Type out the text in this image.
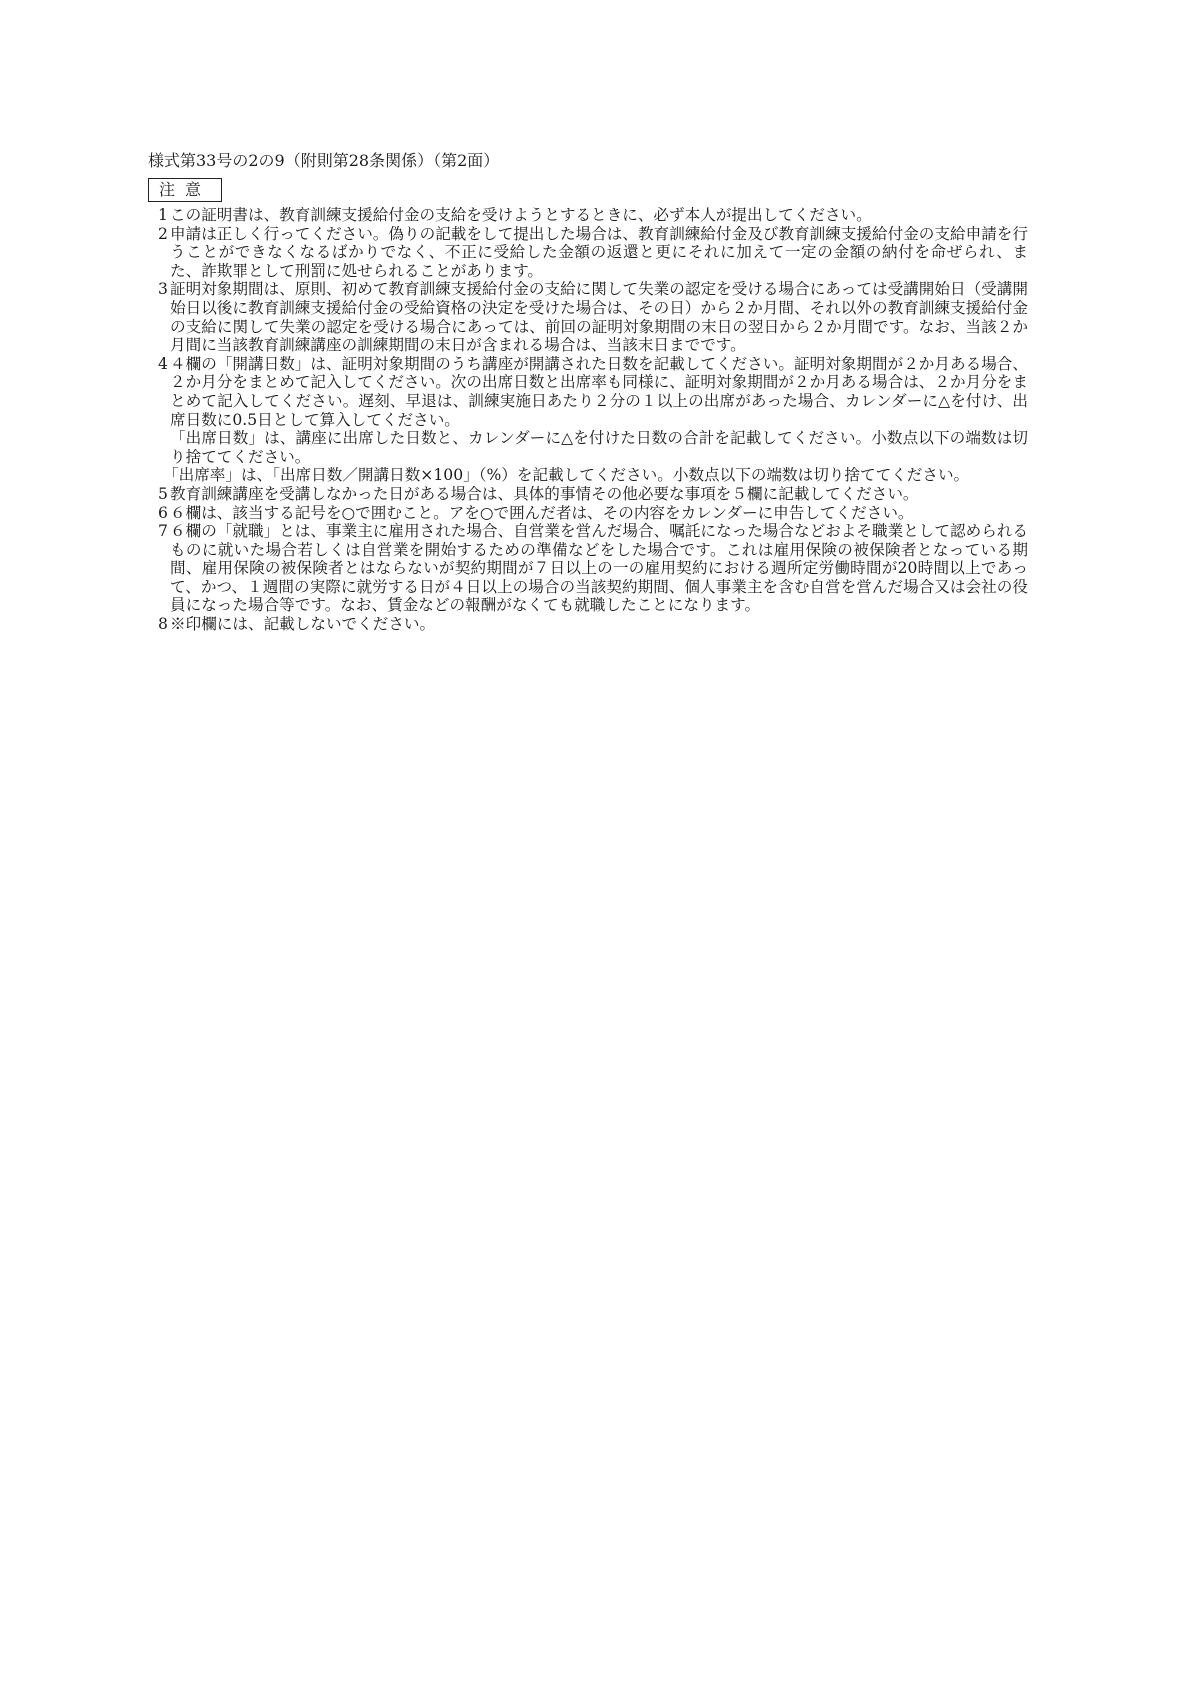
様式第33号の2の9（附則第28条関係）（第2面）
注意
1 この証明書は、教育訓練支援給付金の支給を受けようとするときに、必ず本人が提出してください。

2 申請は正しく行ってください。偽りの記載をして提出した場合は、教育訓練給付金及び教育訓練支援給付金の支給申請を行うことができなくなるばかりでなく、不正に受給した金額の返還と更にそれに加えて一定の金額の納付を命ぜられ、また、詐欺罪として刑罰に処せられることがあります。

3 証明対象期間は、原則、初めて教育訓練支援給付金の支給に関して失業の認定を受ける場合にあっては受講開始日（受講開始日以後に教育訓練支援給付金の受給資格の決定を受けた場合は、その日）から２か月間、それ以外の教育訓練支援給付金の支給に関して失業の認定を受ける場合にあっては、前回の証明対象期間の末日の翌日から２か月間です。なお、当該２か月間に当該教育訓練講座の訓練期間の末日が含まれる場合は、当該末日までです。

4 ４欄の「開講日数」は、証明対象期間のうち講座が開講された日数を記載してください。証明対象期間が２か月ある場合、２か月分をまとめて記入してください。次の出席日数と出席率も同様に、証明対象期間が２か月ある場合は、２か月分をまとめて記入してください。遅刻、早退は、訓練実施日あたり２分の１以上の出席があった場合、カレンダーに△を付け、出席日数に0.5日として算入してください。

「出席日数」は、講座に出席した日数と、カレンダーに△を付けた日数の合計を記載してください。小数点以下の端数は切り捨ててください。

「出席率」は、「出席日数／開講日数×100」（%）を記載してください。小数点以下の端数は切り捨ててください。

5 教育訓練講座を受講しなかった日がある場合は、具体的事情その他必要な事項を５欄に記載してください。

6 ６欄は、該当する記号を○で囲むこと。アを○で囲んだ者は、その内容をカレンダーに申告してください。

7 ６欄の「就職」とは、事業主に雇用された場合、自営業を営んだ場合、嘱託になった場合などおよそ職業として認められるものに就いた場合若しくは自営業を開始するための準備などをした場合です。これは雇用保険の被保険者となっている期間、雇用保険の被保険者とはならないが契約期間が７日以上の一の雇用契約における週所定労働時間が20時間以上であって、かつ、１週間の実際に就労する日が４日以上の場合の当該契約期間、個人事業主を含む自営を営んだ場合又は会社の役員になった場合等です。なお、賃金などの報酬がなくても就職したことになります。

8 ※印欄には、記載しないでください。
